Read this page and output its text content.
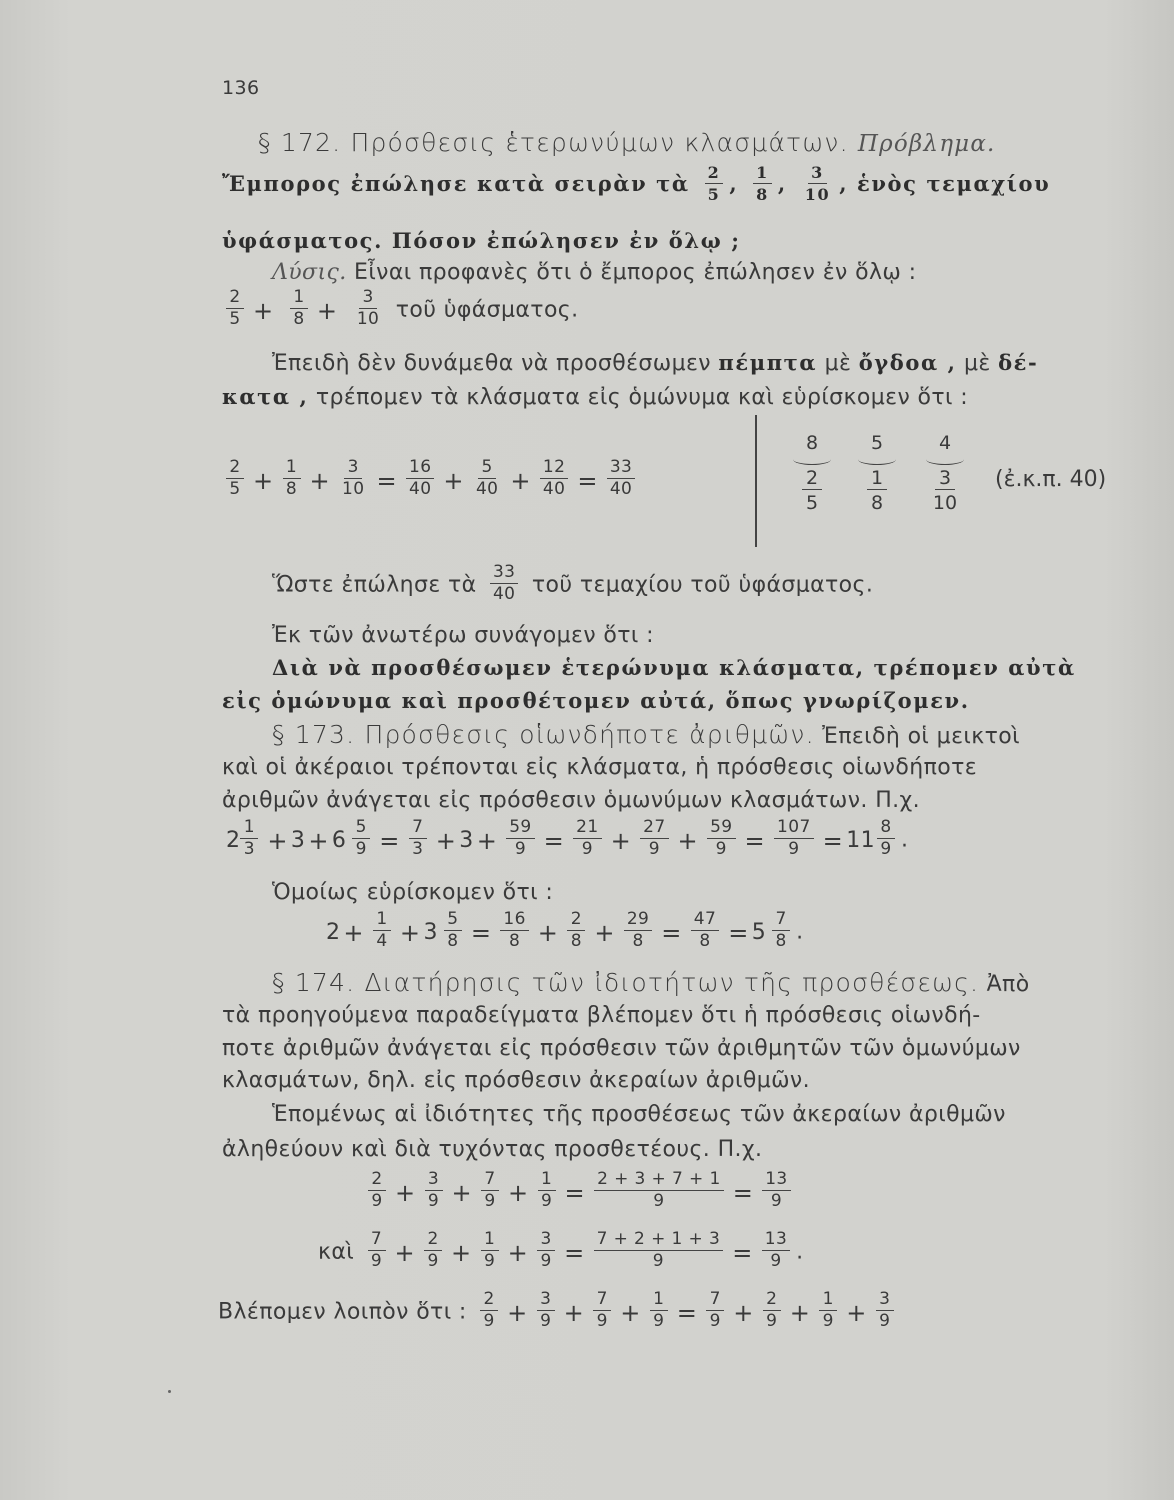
136
§ 172. Πρόσθεσις ἑτερωνύμων κλασμάτων. Πρόβλημα.
Ἔμπορος ἐπώλησε κατὰ σειρὰν τὰ $\frac{2}{5}$ , $\frac{1}{8}$ , $\frac{3}{10}$ , ἑνὸς τεμαχίου
ὑφάσματος. Πόσον ἐπώλησεν ἐν ὅλῳ ;
Λύσις. Εἶναι προφανὲς ὅτι ὁ ἔμπορος ἐπώλησεν ἐν ὅλῳ :
$\frac{2}{5} + \frac{1}{8} + \frac{3}{10}$ τοῦ ὑφάσματος.
Ἐπειδὴ δὲν δυνάμεθα νὰ προσθέσωμεν πέμπτα μὲ ὄγδοα , μὲ δέ-
κατα , τρέπομεν τὰ κλάσματα εἰς ὁμώνυμα καὶ εὑρίσκομεν ὅτι :
$\frac{2}{5} + \frac{1}{8} + \frac{3}{10} = \frac{16}{40} + \frac{5}{40} + \frac{12}{40} = \frac{33}{40}$
8
2
5
5
1
8
4
3
10
(ἐ.κ.π. 40)
Ὥστε ἐπώλησε τὰ $\frac{33}{40}$ τοῦ τεμαχίου τοῦ ὑφάσματος.
Ἐκ τῶν ἀνωτέρω συνάγομεν ὅτι :
Διὰ νὰ προσθέσωμεν ἑτερώνυμα κλάσματα, τρέπομεν αὐτὰ
εἰς ὁμώνυμα καὶ προσθέτομεν αὐτά, ὅπως γνωρίζομεν.
§ 173. Πρόσθεσις οἱωνδήποτε ἀριθμῶν. Ἐπειδὴ οἱ μεικτοὶ
καὶ οἱ ἀκέραιοι τρέπονται εἰς κλάσματα, ἡ πρόσθεσις οἱωνδήποτε
ἀριθμῶν ἀνάγεται εἰς πρόσθεσιν ὁμωνύμων κλασμάτων. Π.χ.
$2 \frac{1}{3} + 3 + 6 \frac{5}{9} = \frac{7}{3} + 3 + \frac{59}{9} = \frac{21}{9} + \frac{27}{9} + \frac{59}{9} = \frac{107}{9} = 11 \frac{8}{9}$ .
Ὁμοίως εὑρίσκομεν ὅτι :
$2 + \frac{1}{4} + 3 \frac{5}{8} = \frac{16}{8} + \frac{2}{8} + \frac{29}{8} = \frac{47}{8} = 5 \frac{7}{8}$ .
§ 174. Διατήρησις τῶν ἰδιοτήτων τῆς προσθέσεως. Ἀπὸ
τὰ προηγούμενα παραδείγματα βλέπομεν ὅτι ἡ πρόσθεσις οἱωνδή-
ποτε ἀριθμῶν ἀνάγεται εἰς πρόσθεσιν τῶν ἀριθμητῶν τῶν ὁμωνύμων
κλασμάτων, δηλ. εἰς πρόσθεσιν ἀκεραίων ἀριθμῶν.
Ἑπομένως αἱ ἰδιότητες τῆς προσθέσεως τῶν ἀκεραίων ἀριθμῶν
ἀληθεύουν καὶ διὰ τυχόντας προσθετέους. Π.χ.
$\frac{2}{9} + \frac{3}{9} + \frac{7}{9} + \frac{1}{9} = \frac{2 + 3 + 7 + 1}{9} = \frac{13}{9}$
καὶ $\frac{7}{9} + \frac{2}{9} + \frac{1}{9} + \frac{3}{9} = \frac{7 + 2 + 1 + 3}{9} = \frac{13}{9}$ .
Βλέπομεν λοιπὸν ὅτι : $\frac{2}{9} + \frac{3}{9} + \frac{7}{9} + \frac{1}{9} = \frac{7}{9} + \frac{2}{9} + \frac{1}{9} + \frac{3}{9}$
